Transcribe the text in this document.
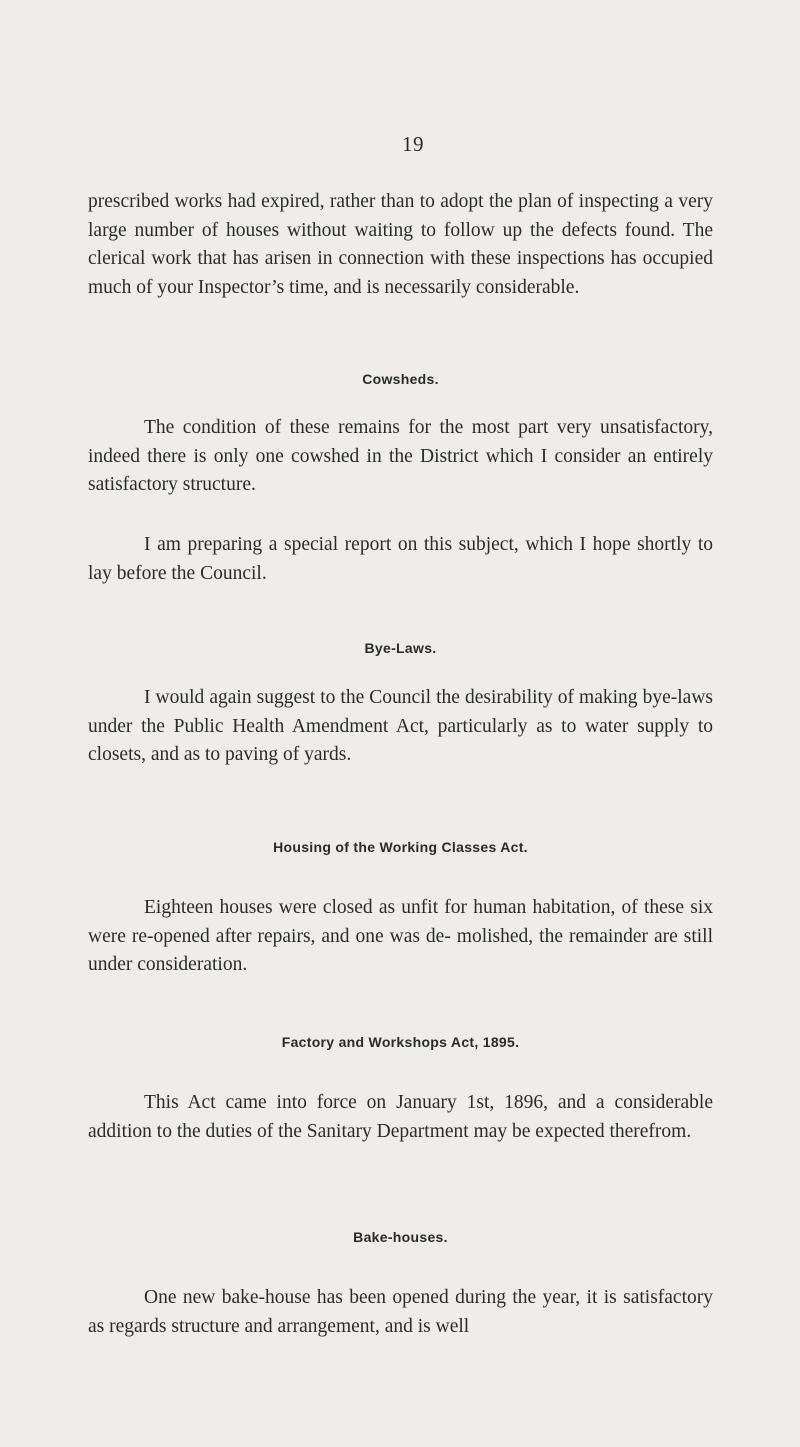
19

prescribed works had expired, rather than to adopt the plan of inspecting a very large number of houses without waiting to follow up the defects found. The clerical work that has arisen in connection with these inspections has occupied much of your Inspector’s time, and is necessarily considerable.

Cowsheds.

The condition of these remains for the most part very unsatisfactory, indeed there is only one cowshed in the District which I consider an entirely satisfactory structure.

I am preparing a special report on this subject, which I hope shortly to lay before the Council.

Bye-Laws.

I would again suggest to the Council the desirability of making bye-laws under the Public Health Amendment Act, particularly as to water supply to closets, and as to paving of yards.

Housing of the Working Classes Act.

Eighteen houses were closed as unfit for human habitation, of these six were re-opened after repairs, and one was de- molished, the remainder are still under consideration.

Factory and Workshops Act, 1895.

This Act came into force on January 1st, 1896, and a considerable addition to the duties of the Sanitary Department may be expected therefrom.

Bake-houses.

One new bake-house has been opened during the year, it is satisfactory as regards structure and arrangement, and is well
